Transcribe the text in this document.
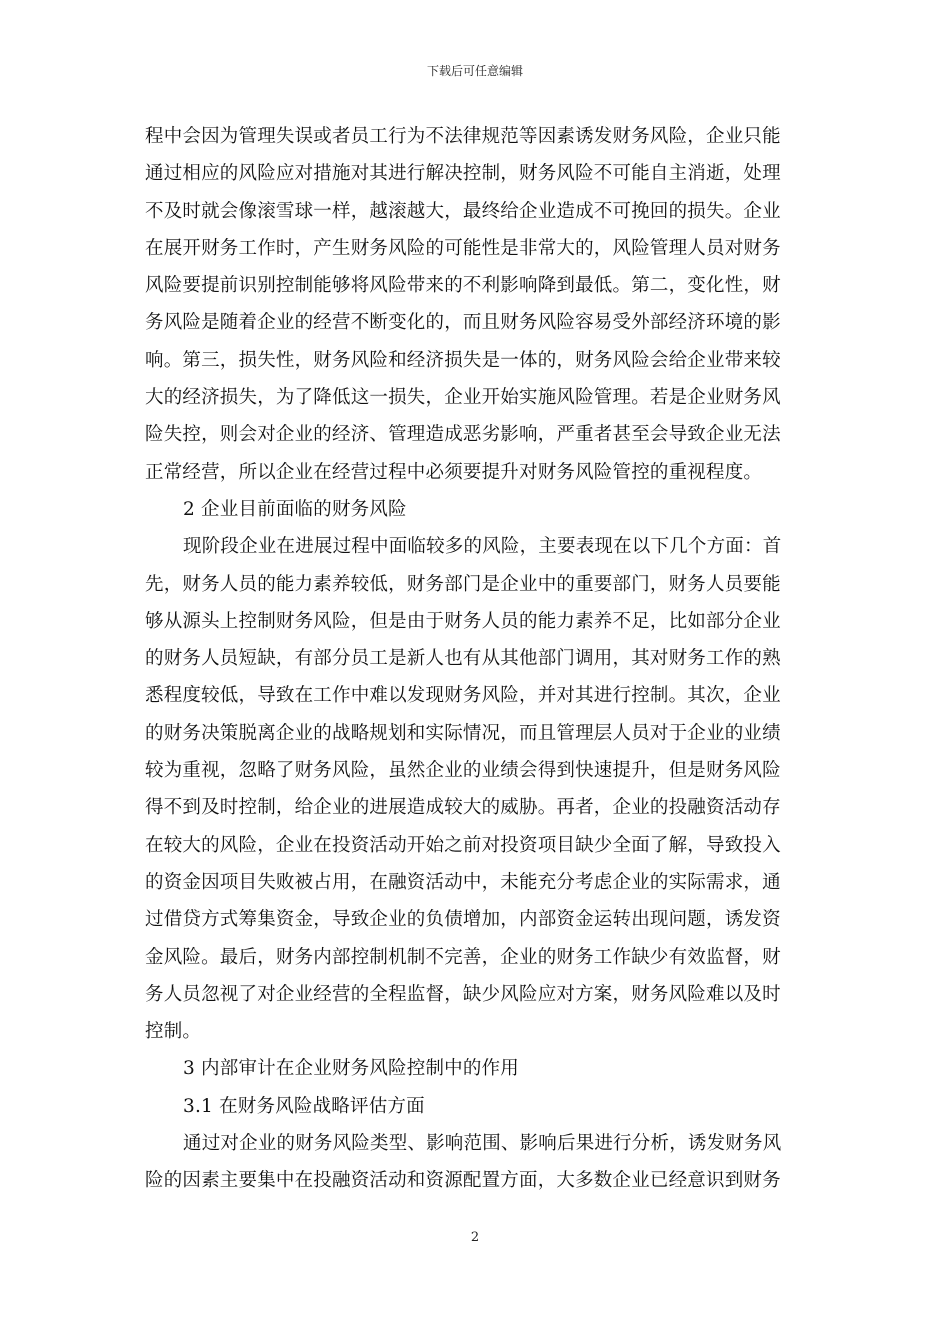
下载后可任意编辑
程中会因为管理失误或者员工行为不法律规范等因素诱发财务风险，企业只能
通过相应的风险应对措施对其进行解决控制，财务风险不可能自主消逝，处理
不及时就会像滚雪球一样，越滚越大，最终给企业造成不可挽回的损失。企业
在展开财务工作时，产生财务风险的可能性是非常大的，风险管理人员对财务
风险要提前识别控制能够将风险带来的不利影响降到最低。第二，变化性，财
务风险是随着企业的经营不断变化的，而且财务风险容易受外部经济环境的影
响。第三，损失性，财务风险和经济损失是一体的，财务风险会给企业带来较
大的经济损失，为了降低这一损失，企业开始实施风险管理。若是企业财务风
险失控，则会对企业的经济、管理造成恶劣影响，严重者甚至会导致企业无法
正常经营，所以企业在经营过程中必须要提升对财务风险管控的重视程度。
2 企业目前面临的财务风险
现阶段企业在进展过程中面临较多的风险，主要表现在以下几个方面：首
先，财务人员的能力素养较低，财务部门是企业中的重要部门，财务人员要能
够从源头上控制财务风险，但是由于财务人员的能力素养不足，比如部分企业
的财务人员短缺，有部分员工是新人也有从其他部门调用，其对财务工作的熟
悉程度较低，导致在工作中难以发现财务风险，并对其进行控制。其次，企业
的财务决策脱离企业的战略规划和实际情况，而且管理层人员对于企业的业绩
较为重视，忽略了财务风险，虽然企业的业绩会得到快速提升，但是财务风险
得不到及时控制，给企业的进展造成较大的威胁。再者，企业的投融资活动存
在较大的风险，企业在投资活动开始之前对投资项目缺少全面了解，导致投入
的资金因项目失败被占用，在融资活动中，未能充分考虑企业的实际需求，通
过借贷方式筹集资金，导致企业的负债增加，内部资金运转出现问题，诱发资
金风险。最后，财务内部控制机制不完善，企业的财务工作缺少有效监督，财
务人员忽视了对企业经营的全程监督，缺少风险应对方案，财务风险难以及时
控制。
3 内部审计在企业财务风险控制中的作用
3.1 在财务风险战略评估方面
通过对企业的财务风险类型、影响范围、影响后果进行分析，诱发财务风
险的因素主要集中在投融资活动和资源配置方面，大多数企业已经意识到财务
2
